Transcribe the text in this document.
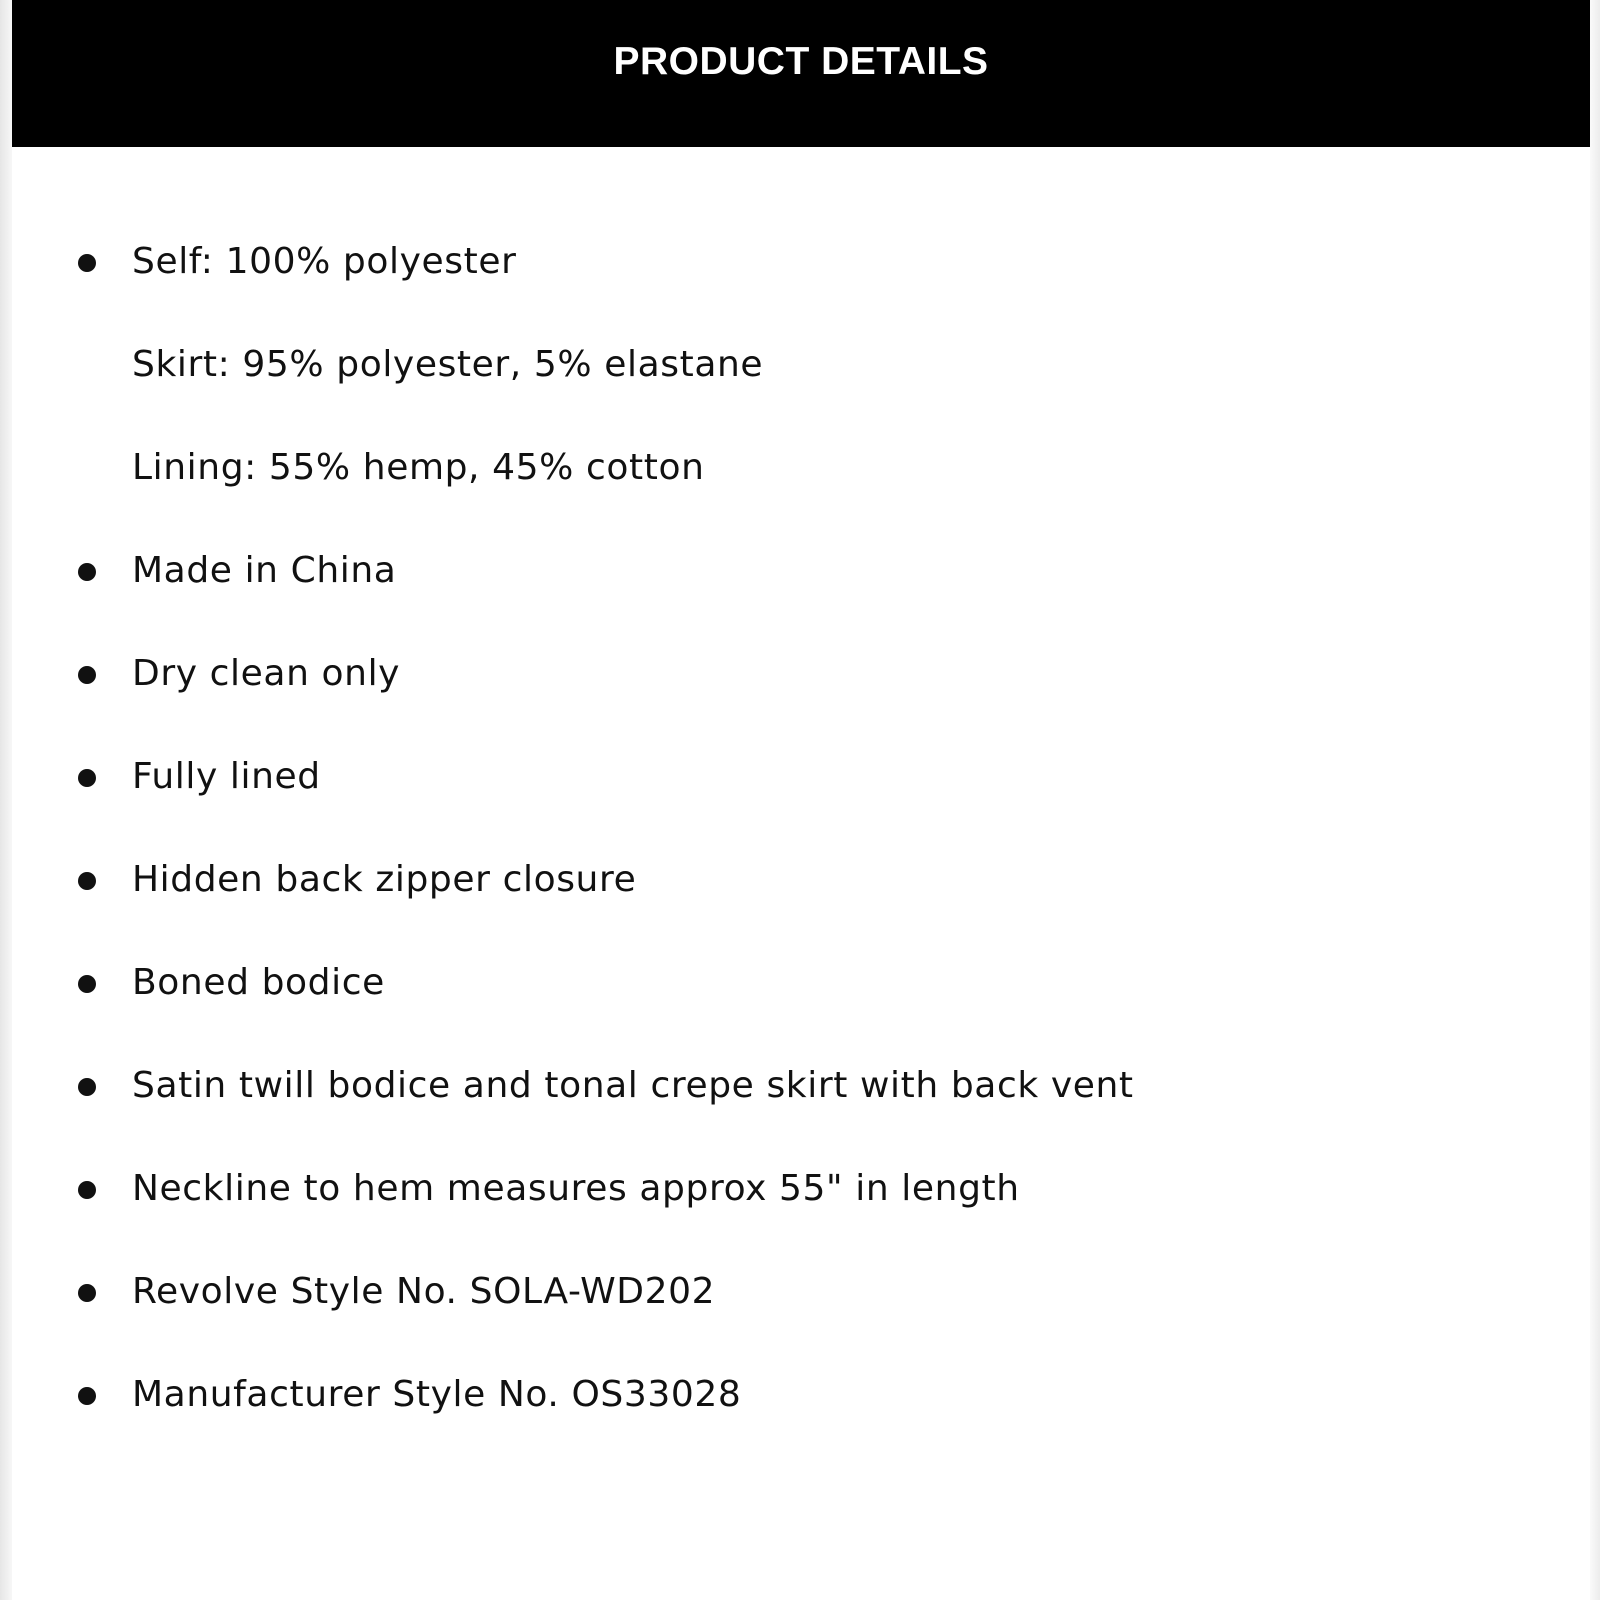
PRODUCT DETAILS
Self: 100% polyester
Skirt: 95% polyester, 5% elastane
Lining: 55% hemp, 45% cotton
Made in China
Dry clean only
Fully lined
Hidden back zipper closure
Boned bodice
Satin twill bodice and tonal crepe skirt with back vent
Neckline to hem measures approx 55" in length
Revolve Style No. SOLA-WD202
Manufacturer Style No. OS33028
